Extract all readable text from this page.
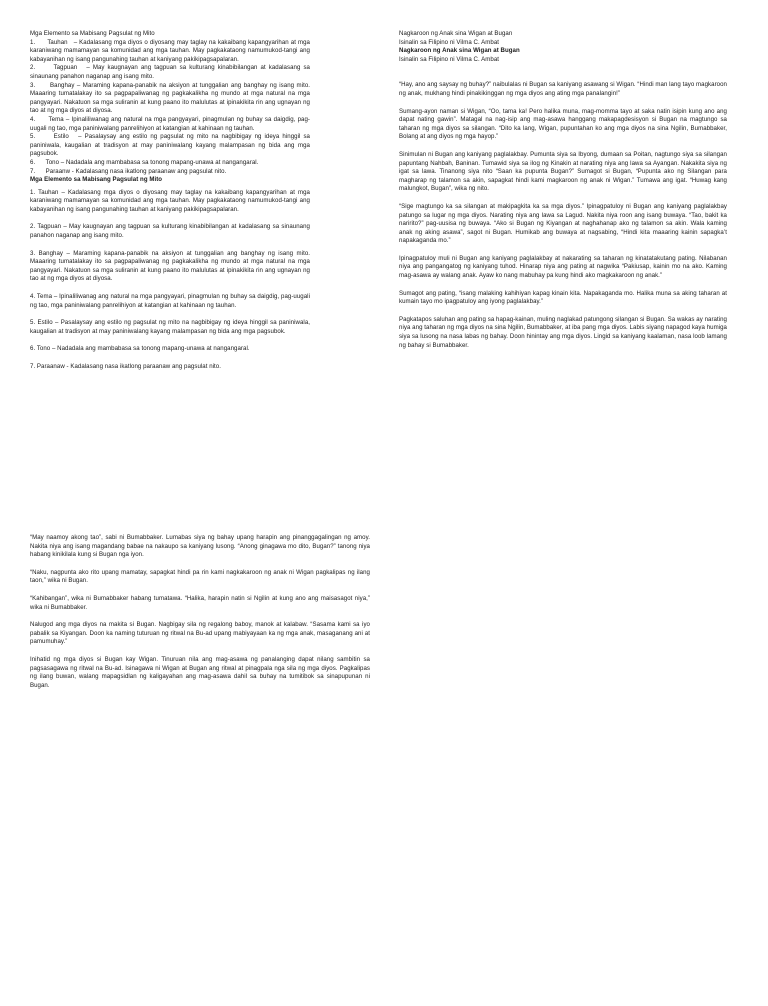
Mga Elemento sa Mabisang Pagsulat ng Mito

1.      Tauhan   – Kadalasang mga diyos o diyosang may taglay na kakaibang kapangyarihan at mga karaniwang mamamayan sa komunidad ang mga tauhan. May pagkakataong namumukod-tangi ang kabayanihan ng isang pangunahing tauhan at kaniyang pakikipagsapalaran.

2.      Tagpuan   – May kaugnayan ang tagpuan sa kulturang kinabibilangan at kadalasang sa sinaunang panahon naganap ang isang mito.

3.      Banghay – Maraming kapana-panabik na aksiyon at tunggalian ang banghay ng isang mito. Maaaring tumatalakay ito sa pagpapaliwanag ng pagkakalikha ng mundo at mga natural na mga pangyayari. Nakatuon sa mga suliranin at kung paano ito malulutas at ipinakikita rin ang ugnayan ng tao at ng mga diyos at diyosa.

4.      Tema – Ipinaliliwanag ang natural na mga pangyayari, pinagmulan ng buhay sa daigdig, pag-uugali ng tao, mga paniniwalang panrelihiyon at katangian at kahinaan ng tauhan.

5.      Estilo   – Pasalaysay ang estilo ng pagsulat ng mito na nagbibigay ng ideya hinggil sa paniniwala, kaugalian at tradisyon at may paniniwalang kayang malampasan ng bida ang mga pagsubok.

6.      Tono – Nadadala ang mambabasa sa tonong mapang-unawa at nangangaral.

7.      Paraanw - Kadalasang nasa ikatlong paraanaw ang pagsulat nito.

Mga Elemento sa Mabisang Pagsulat ng Mito

1. Tauhan – Kadalasang mga diyos o diyosang may taglay na kakaibang kapangyarihan at mga karaniwang mamamayan sa komunidad ang mga tauhan. May pagkakataong namumukod-tangi ang kabayanihan ng isang pangunahing tauhan at kaniyang pakikipagsapalaran.

2. Tagpuan – May kaugnayan ang tagpuan sa kulturang kinabibilangan at kadalasang sa sinaunang panahon naganap ang isang mito.

3. Banghay – Maraming kapana-panabik na aksiyon at tunggalian ang banghay ng isang mito. Maaaring tumatalakay ito sa pagpapaliwanag ng pagkakalikha ng mundo at mga natural na mga pangyayari. Nakatuon sa mga suliranin at kung paano ito malulutas at ipinakikita rin ang ugnayan ng tao at ng mga diyos at diyosa.

4. Tema – Ipinaliliwanag ang natural na mga pangyayari, pinagmulan ng buhay sa daigdig, pag-uugali ng tao, mga paniniwalang panrelihiyon at katangian at kahinaan ng tauhan.

5. Estilo – Pasalaysay ang estilo ng pagsulat ng mito na nagbibigay ng ideya hinggil sa paniniwala, kaugalian at tradisyon at may paniniwalang kayang malampasan ng bida ang mga pagsubok.

6. Tono – Nadadala ang mambabasa sa tonong mapang-unawa at nangangaral.

7. Paraanaw - Kadalasang nasa ikatlong paraanaw ang pagsulat nito.

Nagkaroon ng Anak sina Wigan at Bugan

Isinalin sa Filipino ni Vilma C. Ambat

Nagkaroon ng Anak sina Wigan at Bugan

Isinalin sa Filipino ni Vilma C. Ambat

“Hay, ano ang saysay ng buhay?” naibulalas ni Bugan sa kaniyang asawang si Wigan. “Hindi man lang tayo magkaroon ng anak, mukhang hindi pinakikinggan ng mga diyos ang ating mga panalangin!”

Sumang-ayon naman si Wigan, “Oo, tama ka! Pero halika muna, mag-momma tayo at saka natin isipin kung ano ang dapat nating gawin”. Matagal na nag-isip ang mag-asawa hanggang makapagdesisyon si Bugan na magtungo sa taharan ng mga diyos sa silangan. “Dito ka lang, Wigan, pupuntahan ko ang mga diyos na sina Ngilin, Bumabbaker, Bolang at ang diyos ng mga hayop.”

Sinimulan ni Bugan ang kaniyang paglalakbay. Pumunta siya sa Ibyong, dumaan sa Poitan, nagtungo siya sa silangan papuntang Nahbah, Baninan. Tumawid siya sa ilog ng Kinakin at narating niya ang lawa sa Ayangan. Nakakita siya ng igat sa lawa. Tinanong siya nito “Saan ka pupunta Bugan?” Sumagot si Bugan, “Pupunta ako ng Silangan para magharap ng talamon sa akin, sapagkat hindi kami magkaroon ng anak ni Wigan.” Tumawa ang igat. “Huwag kang malungkot, Bugan”, wika ng nito.

“Sige magtungo ka sa silangan at makipagkita ka sa mga diyos.” Ipinagpatuloy ni Bugan ang kaniyang paglalakbay patungo sa lugar ng mga diyos. Narating niya ang lawa sa Lagud. Nakita niya roon ang isang buwaya. “Tao, bakit ka naririto?” pag-uusisa ng buwaya. “Ako si Bugan ng Kiyangan at naghahanap ako ng talamon sa akin. Wala kaming anak ng aking asawa”, sagot ni Bugan. Humikab ang buwaya at nagsabing, “Hindi kita maaaring kainin sapagka’t napakaganda mo.”

Ipinagpatuloy muli ni Bugan ang kaniyang paglalakbay at nakarating sa taharan ng kinatatakutang pating. Nilabanan niya ang pangangatog ng kaniyang tuhod. Hinarap niya ang pating at nagwika “Pakiusap, kainin mo na ako. Kaming mag-asawa ay walang anak. Ayaw ko nang mabuhay pa kung hindi ako magkakaroon ng anak.”

Sumagot ang pating, “isang malaking kahihiyan kapag kinain kita. Napakaganda mo. Halika muna sa aking taharan at kumain tayo mo ipagpatuloy ang iyong paglalakbay.”

Pagkatapos saluhan ang pating sa hapag-kainan, muling naglakad patungong silangan si Bugan. Sa wakas ay narating niya ang taharan ng mga diyos na sina Ngilin, Bumabbaker, at iba pang mga diyos. Labis siyang napagod kaya humiga siya sa lusong na nasa labas ng bahay. Doon hinintay ang mga diyos. Lingid sa kaniyang kaalaman, nasa loob lamang ng bahay si Bumabbaker.

“May naamoy akong tao”, sabi ni Bumabbaker. Lumabas siya ng bahay upang harapin ang pinanggagalingan ng amoy. Nakita niya ang isang magandang babae na nakaupo sa kaniyang lusong. “Anong ginagawa mo dito, Bugan?” tanong niya habang kinikilala kung si Bugan nga iyon.

“Naku, nagpunta ako rito upang mamatay, sapagkat hindi pa rin kami nagkakaroon ng anak ni Wigan pagkalipas ng ilang taon,” wika ni Bugan.

“Kahibangan”, wika ni Bumabbaker habang tumatawa. “Halika, harapin natin si Ngilin at kung ano ang maisasagot niya,” wika ni Bumabbaker.

Nalugod ang mga diyos na makita si Bugan. Nagbigay sila ng regalong baboy, manok at kalabaw. “Sasama kami sa iyo pabalik sa Kiyangan. Doon ka naming tuturuan ng ritwal na Bu-ad upang mabiyayaan ka ng mga anak, masaganang ani at pamumuhay.”

Inihatid ng mga diyos si Bugan kay Wigan. Tinuruan nila ang mag-asawa ng panalanging dapat nilang sambitin sa pagsasagawa ng ritwal na Bu-ad. Isinagawa ni Wigan at Bugan ang ritwal at pinagpala nga sila ng mga diyos. Pagkalipas ng ilang buwan, walang mapagsidlan ng kaligayahan ang mag-asawa dahil sa buhay na tumitibok sa sinapupunan ni Bugan.
